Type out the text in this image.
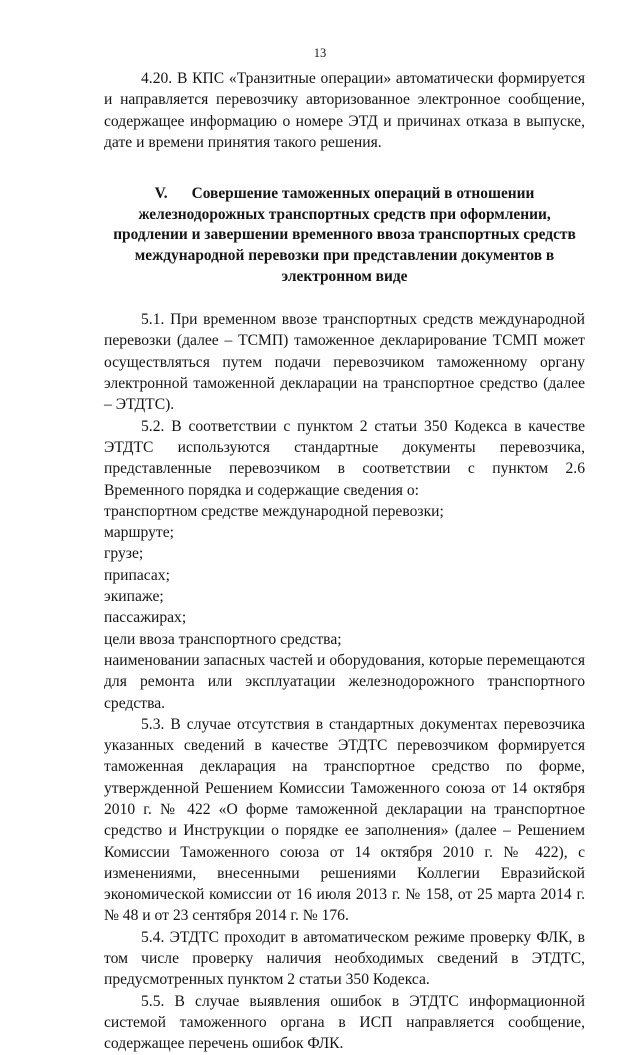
13

4.20. В КПС «Транзитные операции» автоматически формируется и направляется перевозчику авторизованное электронное сообщение, содержащее информацию о номере ЭТД и причинах отказа в выпуске, дате и времени принятия такого решения.

V. Совершение таможенных операций в отношении железнодорожных транспортных средств при оформлении, продлении и завершении временного ввоза транспортных средств международной перевозки при представлении документов в электронном виде

5.1. При временном ввозе транспортных средств международной перевозки (далее – ТСМП) таможенное декларирование ТСМП может осуществляться путем подачи перевозчиком таможенному органу электронной таможенной декларации на транспортное средство (далее – ЭТДТС).

5.2. В соответствии с пунктом 2 статьи 350 Кодекса в качестве ЭТДТС используются стандартные документы перевозчика, представленные перевозчиком в соответствии с пунктом 2.6 Временного порядка и содержащие сведения о:

транспортном средстве международной перевозки;
маршруте;
грузе;
припасах;
экипаже;
пассажирах;
цели ввоза транспортного средства;
наименовании запасных частей и оборудования, которые перемещаются для ремонта или эксплуатации железнодорожного транспортного средства.

5.3. В случае отсутствия в стандартных документах перевозчика указанных сведений в качестве ЭТДТС перевозчиком формируется таможенная декларация на транспортное средство по форме, утвержденной Решением Комиссии Таможенного союза от 14 октября 2010 г. № 422 «О форме таможенной декларации на транспортное средство и Инструкции о порядке ее заполнения» (далее – Решением Комиссии Таможенного союза от 14 октября 2010 г. № 422), с изменениями, внесенными решениями Коллегии Евразийской экономической комиссии от 16 июля 2013 г. № 158, от 25 марта 2014 г. № 48 и от 23 сентября 2014 г. № 176.

5.4. ЭТДТС проходит в автоматическом режиме проверку ФЛК, в том числе проверку наличия необходимых сведений в ЭТДТС, предусмотренных пунктом 2 статьи 350 Кодекса.

5.5. В случае выявления ошибок в ЭТДТС информационной системой таможенного органа в ИСП направляется сообщение, содержащее перечень ошибок ФЛК.
